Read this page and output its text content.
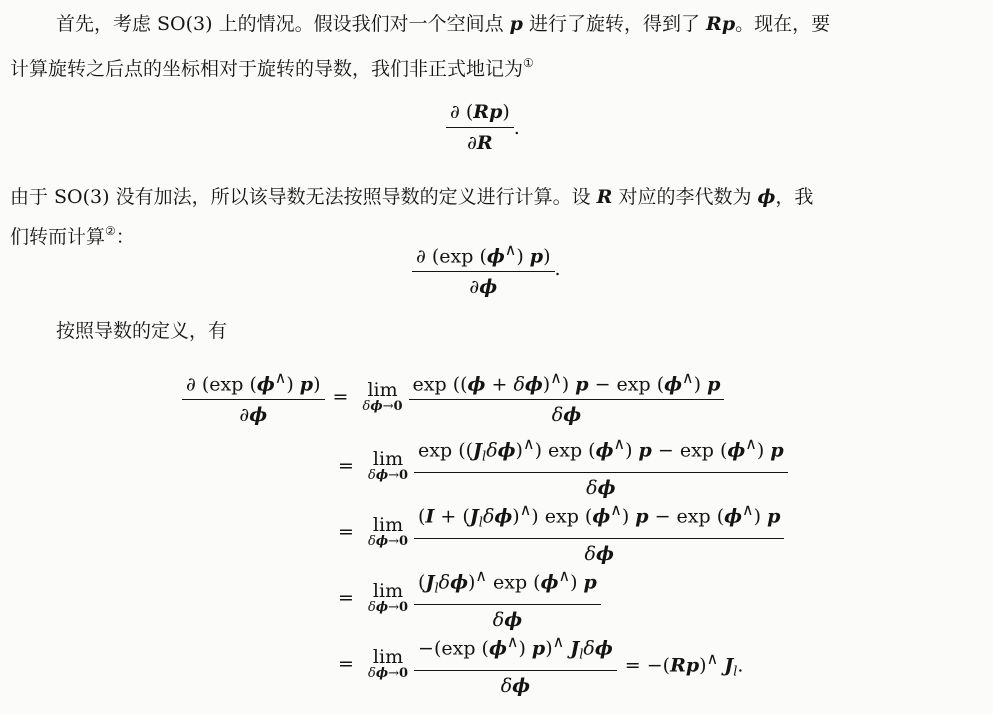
首先，考虑 SO(3) 上的情况。假设我们对一个空间点 p 进行了旋转，得到了 Rp。现在，要
计算旋转之后点的坐标相对于旋转的导数，我们非正式地记为①
$\frac{\partial (Rp)}{\partial R}$ .
由于 SO(3) 没有加法，所以该导数无法按照导数的定义进行计算。设 R 对应的李代数为 ϕ，我
们转而计算②：
$\frac{\partial (\exp (\phi^\wedge) p)}{\partial\phi}$ .
按照导数的定义，有
$\frac{\partial (\exp (\phi^\wedge) p)}{\partial\phi} = \lim$
$\delta\phi\to 0 \frac{\exp ((\phi + \delta\phi)^\wedge) p - \exp (\phi^\wedge) p}{\delta\phi}$
= lim
$\delta\phi\to 0 \frac{\exp ((J_l\delta\phi)^\wedge) \exp (\phi^\wedge) p - \exp (\phi^\wedge) p}{\delta\phi}$
= lim
$\delta\phi\to 0 \frac{(I + (J_l\delta\phi)^\wedge) \exp (\phi^\wedge) p - \exp (\phi^\wedge) p}{\delta\phi}$
= lim
$\delta\phi\to 0 \frac{(J_l\delta\phi)^\wedge \exp (\phi^\wedge) p}{\delta\phi}$
= lim
$\delta\phi\to 0 \frac{-(\exp (\phi^\wedge) p)^\wedge J_l\delta\phi}{\delta\phi} = -(Rp)^\wedge$ $J_l$.
